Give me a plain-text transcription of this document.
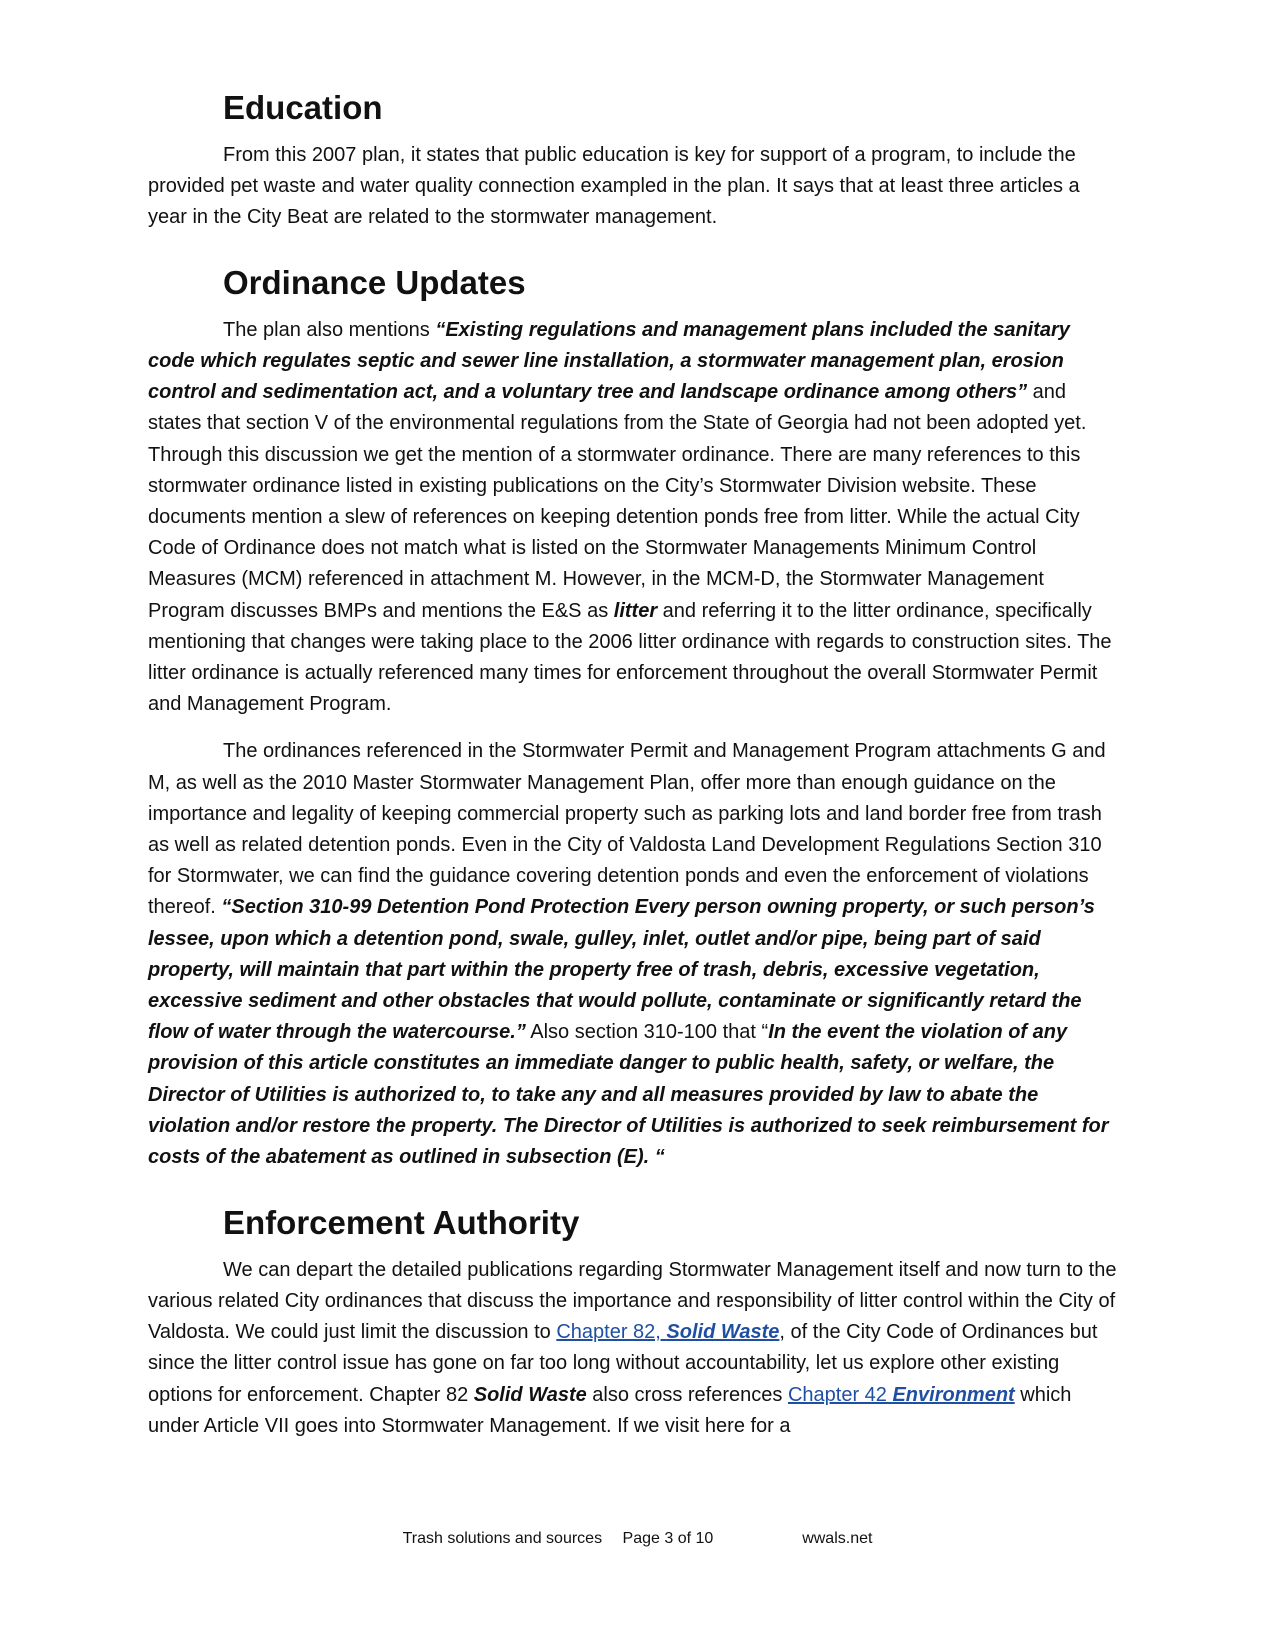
Education

From this 2007 plan, it states that public education is key for support of a program, to include the provided pet waste and water quality connection exampled in the plan. It says that at least three articles a year in the City Beat are related to the stormwater management.

Ordinance Updates

The plan also mentions “Existing regulations and management plans included the sanitary code which regulates septic and sewer line installation, a stormwater management plan, erosion control and sedimentation act, and a voluntary tree and landscape ordinance among others” and states that section V of the environmental regulations from the State of Georgia had not been adopted yet. Through this discussion we get the mention of a stormwater ordinance. There are many references to this stormwater ordinance listed in existing publications on the City’s Stormwater Division website. These documents mention a slew of references on keeping detention ponds free from litter. While the actual City Code of Ordinance does not match what is listed on the Stormwater Managements Minimum Control Measures (MCM) referenced in attachment M. However, in the MCM-D, the Stormwater Management Program discusses BMPs and mentions the E&S as litter and referring it to the litter ordinance, specifically mentioning that changes were taking place to the 2006 litter ordinance with regards to construction sites. The litter ordinance is actually referenced many times for enforcement throughout the overall Stormwater Permit and Management Program.

The ordinances referenced in the Stormwater Permit and Management Program attachments G and M, as well as the 2010 Master Stormwater Management Plan, offer more than enough guidance on the importance and legality of keeping commercial property such as parking lots and land border free from trash as well as related detention ponds. Even in the City of Valdosta Land Development Regulations Section 310 for Stormwater, we can find the guidance covering detention ponds and even the enforcement of violations thereof. “Section 310-99 Detention Pond Protection Every person owning property, or such person’s lessee, upon which a detention pond, swale, gulley, inlet, outlet and/or pipe, being part of said property, will maintain that part within the property free of trash, debris, excessive vegetation, excessive sediment and other obstacles that would pollute, contaminate or significantly retard the flow of water through the watercourse.” Also section 310-100 that “In the event the violation of any provision of this article constitutes an immediate danger to public health, safety, or welfare, the Director of Utilities is authorized to, to take any and all measures provided by law to abate the violation and/or restore the property. The Director of Utilities is authorized to seek reimbursement for costs of the abatement as outlined in subsection (E). “

Enforcement Authority

We can depart the detailed publications regarding Stormwater Management itself and now turn to the various related City ordinances that discuss the importance and responsibility of litter control within the City of Valdosta. We could just limit the discussion to Chapter 82, Solid Waste, of the City Code of Ordinances but since the litter control issue has gone on far too long without accountability, let us explore other existing options for enforcement. Chapter 82 Solid Waste also cross references Chapter 42 Environment which under Article VII goes into Stormwater Management. If we visit here for a

Trash solutions and sources Page 3 of 10	wwals.net
